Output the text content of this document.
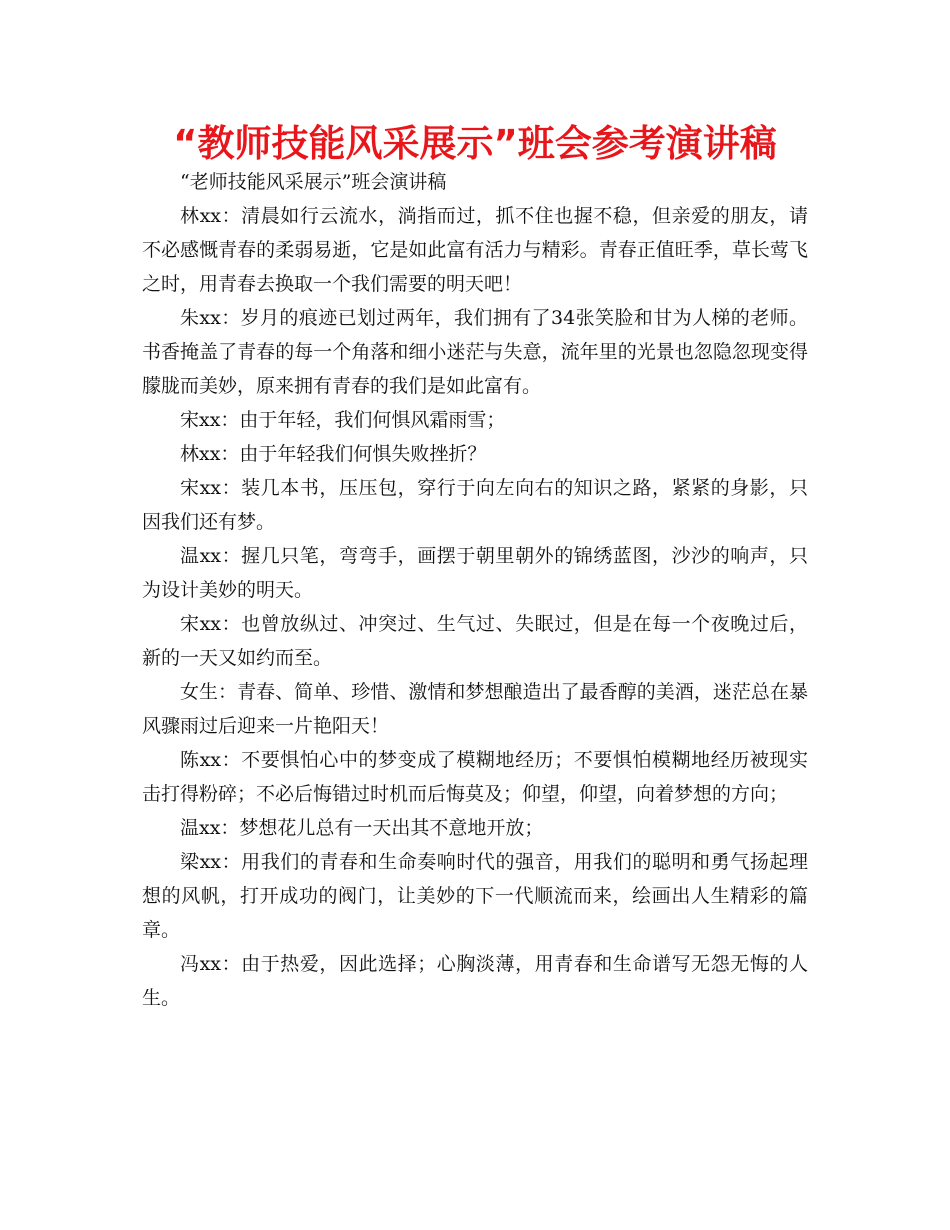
“教师技能风采展示”班会参考演讲稿

“老师技能风采展示”班会演讲稿

林xx：清晨如行云流水，淌指而过，抓不住也握不稳，但亲爱的朋友，请不必感慨青春的柔弱易逝，它是如此富有活力与精彩。青春正值旺季，草长莺飞之时，用青春去换取一个我们需要的明天吧！

朱xx：岁月的痕迹已划过两年，我们拥有了34张笑脸和甘为人梯的老师。书香掩盖了青春的每一个角落和细小迷茫与失意，流年里的光景也忽隐忽现变得朦胧而美妙，原来拥有青春的我们是如此富有。

宋xx：由于年轻，我们何惧风霜雨雪；

林xx：由于年轻我们何惧失败挫折？

宋xx：装几本书，压压包，穿行于向左向右的知识之路，紧紧的身影，只因我们还有梦。

温xx：握几只笔，弯弯手，画摆于朝里朝外的锦绣蓝图，沙沙的响声，只为设计美妙的明天。

宋xx：也曾放纵过、冲突过、生气过、失眠过，但是在每一个夜晚过后，新的一天又如约而至。

女生：青春、简单、珍惜、激情和梦想酿造出了最香醇的美酒，迷茫总在暴风骤雨过后迎来一片艳阳天！

陈xx：不要惧怕心中的梦变成了模糊地经历；不要惧怕模糊地经历被现实击打得粉碎；不必后悔错过时机而后悔莫及；仰望，仰望，向着梦想的方向；

温xx：梦想花儿总有一天出其不意地开放；

梁xx：用我们的青春和生命奏响时代的强音，用我们的聪明和勇气扬起理想的风帆，打开成功的阀门，让美妙的下一代顺流而来，绘画出人生精彩的篇章。

冯xx：由于热爱，因此选择；心胸淡薄，用青春和生命谱写无怨无悔的人生。
